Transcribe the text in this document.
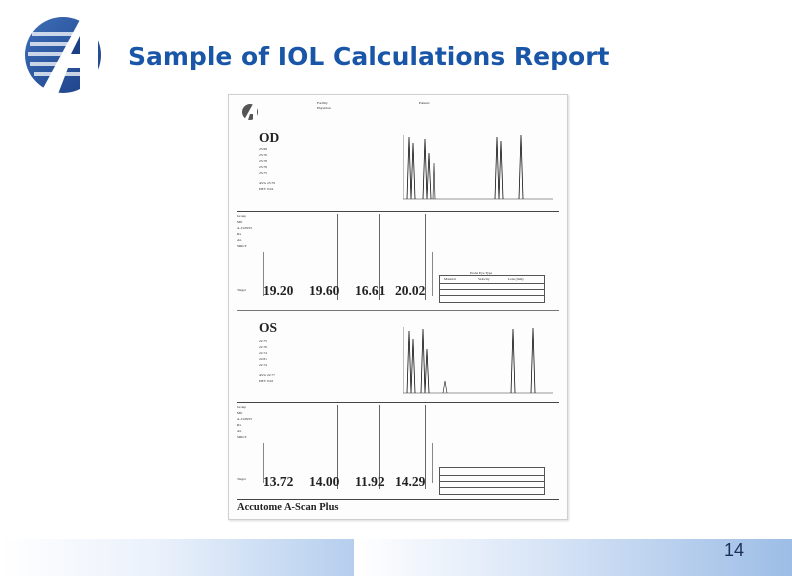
Sample of IOL Calculations Report
Facility
Physician
Patient:
OD
23.98
23.76
23.78
23.78
23.75
AVG 23.79
DEV 0.04
Group
Mfr
A-CONST
Rx
AL
SRK/T
Target 19.20 19.60 16.61 20.02
Probe Eye Type
Material	Velocity	Lens (mm)
OS
22.75
22.76
22.74
22.81
22.74
AVG 22.77
DEV 0.02
Group
Mfr
A-CONST
Rx
AL
SRK/T
Target 13.72 14.00 11.92 14.29
Accutome A-Scan Plus
14
